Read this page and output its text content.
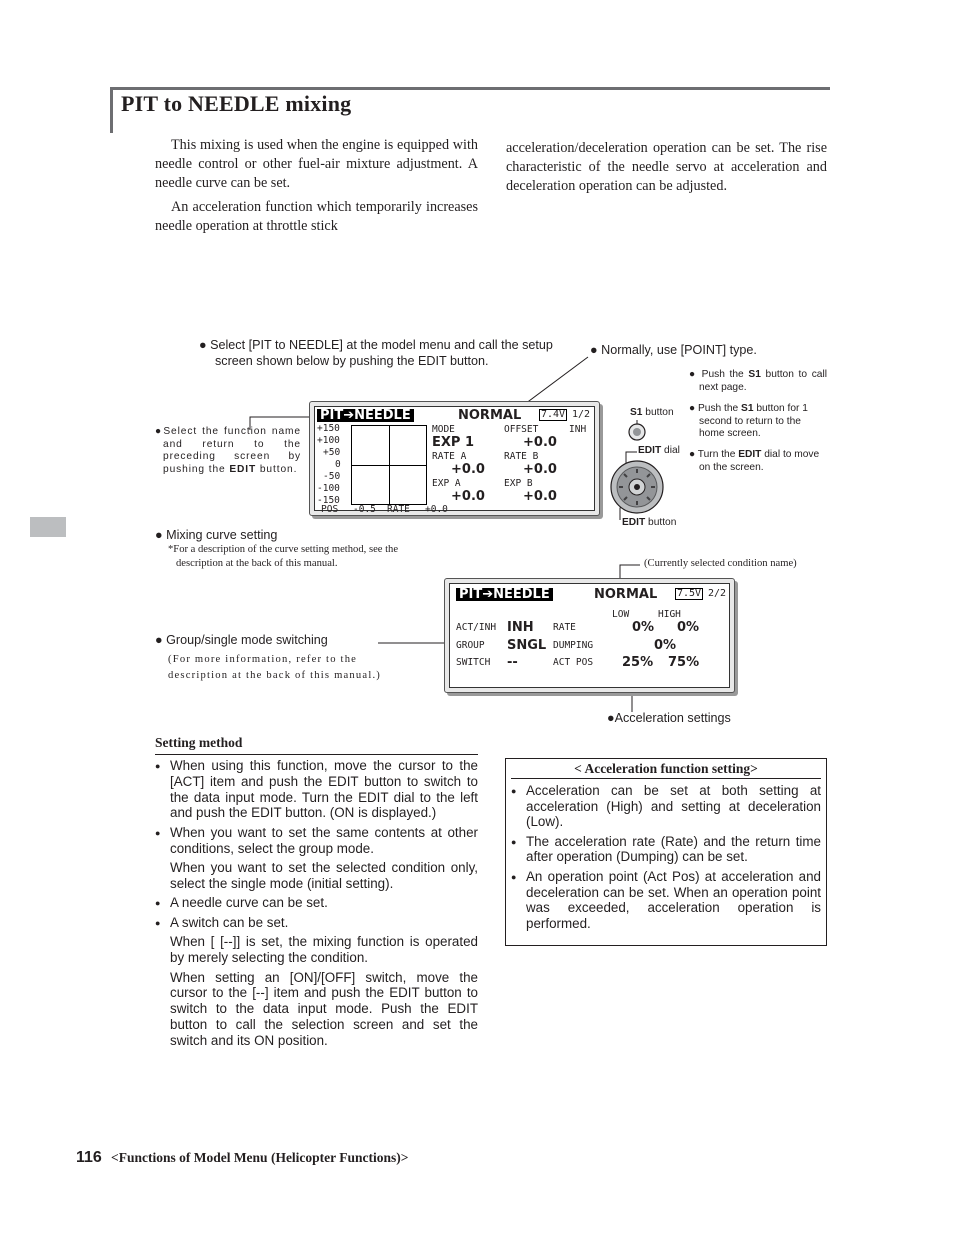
PIT to NEEDLE mixing

This mixing is used when the engine is equipped with needle control or other fuel-air mixture adjustment. A needle curve can be set.

An acceleration function which temporarily increases needle operation at throttle stick

acceleration/deceleration operation can be set. The rise characteristic of the needle servo at acceleration and deceleration operation can be adjusted.

● Select [PIT to NEEDLE] at the model menu and call the setup screen shown below by pushing the EDIT button.
● Normally, use [POINT] type.
● Push the S1 button to call next page.
● Push the S1 button for 1 second to return to the home screen.
● Turn the EDIT dial to move on the screen.
S1 button
EDIT dial
EDIT button
●Select the function name and return to the preceding screen by pushing the EDIT button.
PIT➔NEEDLE	NORMAL 7.4V 1/2
+150
+100
+50
0
-50
-100
-150
POS -0.5 RATE +0.0
MODE	OFFSET	INH
EXP 1	+0.0
RATE A	RATE B
+0.0	+0.0
EXP A	EXP B
+0.0	+0.0
● Mixing curve setting
*For a description of the curve setting method, see the description at the back of this manual.	(Currently selected condition name)
PIT➔NEEDLE	NORMAL 7.5V 2/2
LOW	HIGH
ACT/INH INH RATE	0% 0%
GROUP SNGL DUMPING	0%
SWITCH --	ACT POS 25% 75%
● Group/single mode switching
(For more information, refer to the description at the back of this manual.)
●Acceleration settings
Setting method
● When using this function, move the cursor to the [ACT] item and push the EDIT button to switch to the data input mode. Turn the EDIT dial to the left and push the EDIT button. (ON is displayed.)
● When you want to set the same contents at other conditions, select the group mode.
When you want to set the selected condition only, select the single mode (initial setting).
● A needle curve can be set.
● A switch can be set.
When [ [--]] is set, the mixing function is operated by merely selecting the condition.
When setting an [ON]/[OFF] switch, move the cursor to the [--] item and push the EDIT button to switch to the data input mode. Push the EDIT button to call the selection screen and set the switch and its ON position.
< Acceleration function setting>
● Acceleration can be set at both setting at acceleration (High) and setting at deceleration (Low).
● The acceleration rate (Rate) and the return time after operation (Dumping) can be set.
● An operation point (Act Pos) at acceleration and deceleration can be set. When an operation point was exceeded, acceleration operation is performed.
116 <Functions of Model Menu (Helicopter Functions)>
